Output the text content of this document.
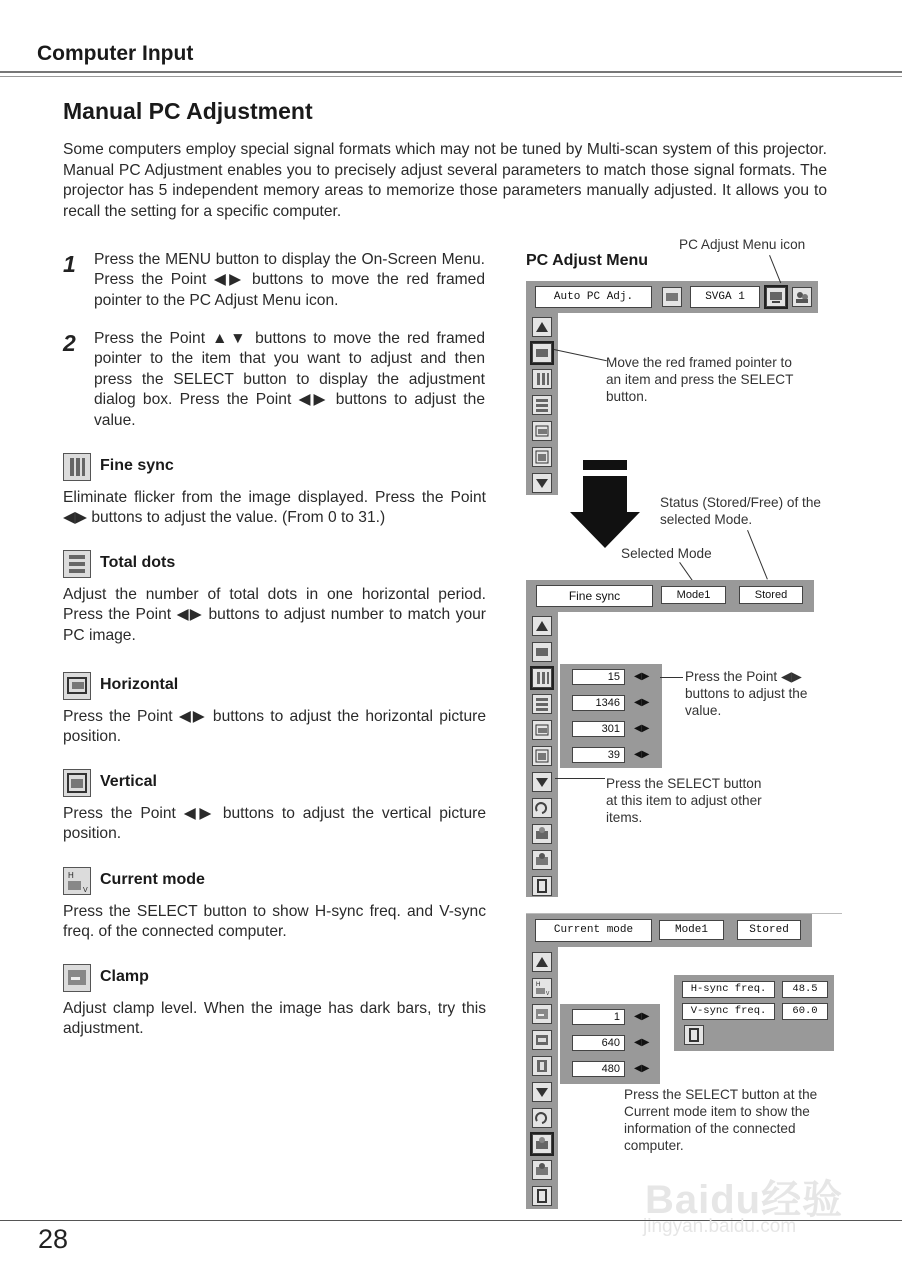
Computer Input
Manual PC Adjustment
Some computers employ special signal formats which may not be tuned by Multi-scan system of this projector. Manual PC Adjustment enables you to precisely adjust several parameters to match those signal formats. The projector has 5 independent memory areas to memorize those parameters manually adjusted. It allows you to recall the setting for a specific computer.
1 Press the MENU button to display the On-Screen Menu. Press the Point ◀▶ buttons to move the red framed pointer to the PC Adjust Menu icon.
2 Press the Point ▲▼ buttons to move the red framed pointer to the item that you want to adjust and then press the SELECT button to display the adjustment dialog box. Press the Point ◀▶ buttons to adjust the value.
Fine sync
Eliminate flicker from the image displayed. Press the Point ◀▶ buttons to adjust the value. (From 0 to 31.)
Total dots
Adjust the number of total dots in one horizontal period. Press the Point ◀▶ buttons to adjust number to match your PC image.
Horizontal
Press the Point ◀▶ buttons to adjust the horizontal picture position.
Vertical
Press the Point ◀▶ buttons to adjust the vertical picture position.
H
V
Current mode
Press the SELECT button to show H-sync freq. and V-sync freq. of the connected computer.
Clamp
Adjust clamp level. When the image has dark bars, try this adjustment.
PC Adjust Menu icon
PC Adjust Menu
Auto PC Adj.	SVGA 1
Move the red framed pointer to an item and press the SELECT button.
Status (Stored/Free) of the selected Mode.
Selected Mode
Fine sync	Mode1	Stored
15	◀▶
1346	◀▶
301	◀▶
39	◀▶
Press the Point ◀▶ buttons to adjust the value.
Press the SELECT button at this item to adjust other items.
Current mode	Mode1	Stored
H
V
1	◀▶
640	◀▶
480	◀▶
H-sync freq.	48.5
V-sync freq.	60.0
Press the SELECT button at the Current mode item to show the information of the connected computer.
28
Baidu经验
jingyan.baidu.com
